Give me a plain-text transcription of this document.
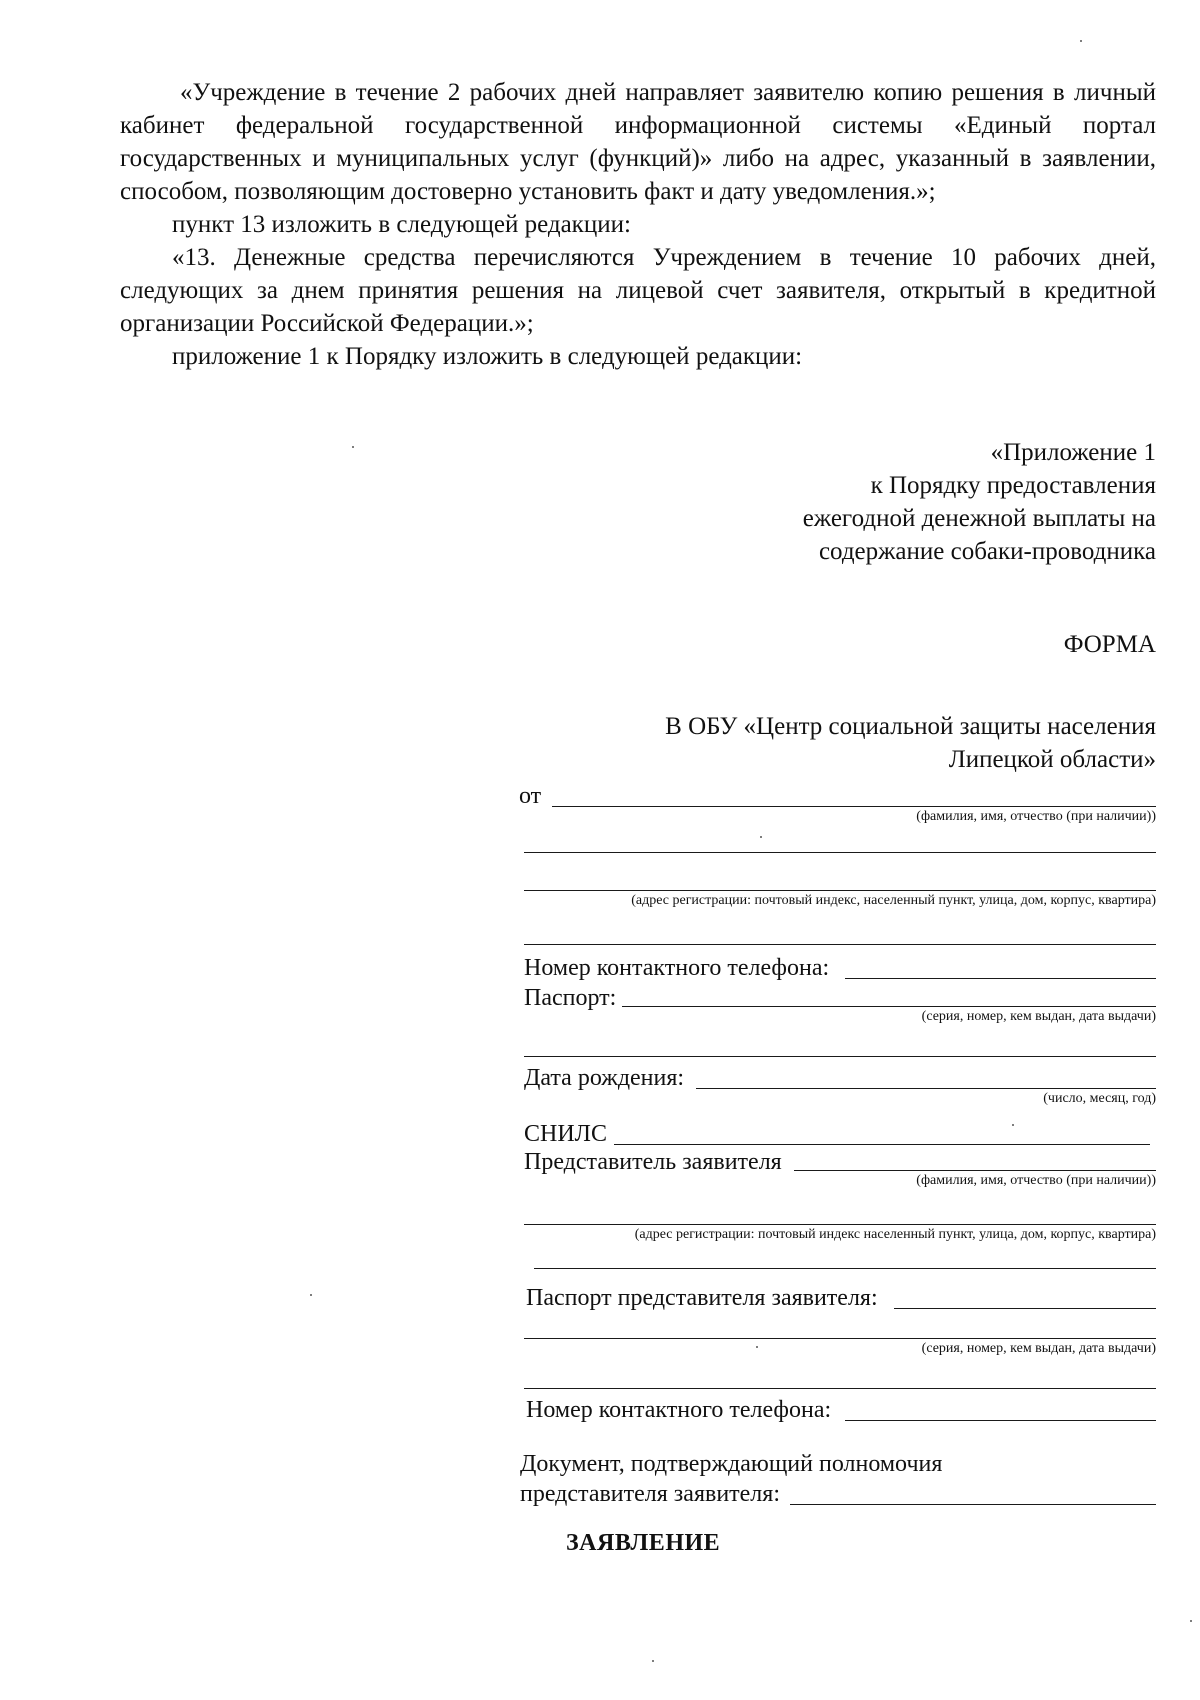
«Учреждение в течение 2 рабочих дней направляет заявителю копию решения в личный кабинет федеральной государственной информационной системы «Единый портал государственных и муниципальных услуг (функций)» либо на адрес, указанный в заявлении, способом, позволяющим достоверно установить факт и дату уведомления.»;

пункт 13 изложить в следующей редакции:

«13. Денежные средства перечисляются Учреждением в течение 10 рабочих дней, следующих за днем принятия решения на лицевой счет заявителя, открытый в кредитной организации Российской Федерации.»;

приложение 1 к Порядку изложить в следующей редакции:

«Приложение 1
к Порядку предоставления
ежегодной денежной выплаты на
содержание собаки-проводника
ФОРМА
В ОБУ «Центр социальной защиты населения
Липецкой области»
от
(фамилия, имя, отчество (при наличии))
(адрес регистрации: почтовый индекс, населенный пункт, улица, дом, корпус, квартира)
Номер контактного телефона:
Паспорт:
(серия, номер, кем выдан, дата выдачи)
Дата рождения:
(число, месяц, год)
СНИЛС
Представитель заявителя
(фамилия, имя, отчество (при наличии))
(адрес регистрации: почтовый индекс населенный пункт, улица, дом, корпус, квартира)
Паспорт представителя заявителя:
(серия, номер, кем выдан, дата выдачи)
Номер контактного телефона:
Документ, подтверждающий полномочия
представителя заявителя:
ЗАЯВЛЕНИЕ
